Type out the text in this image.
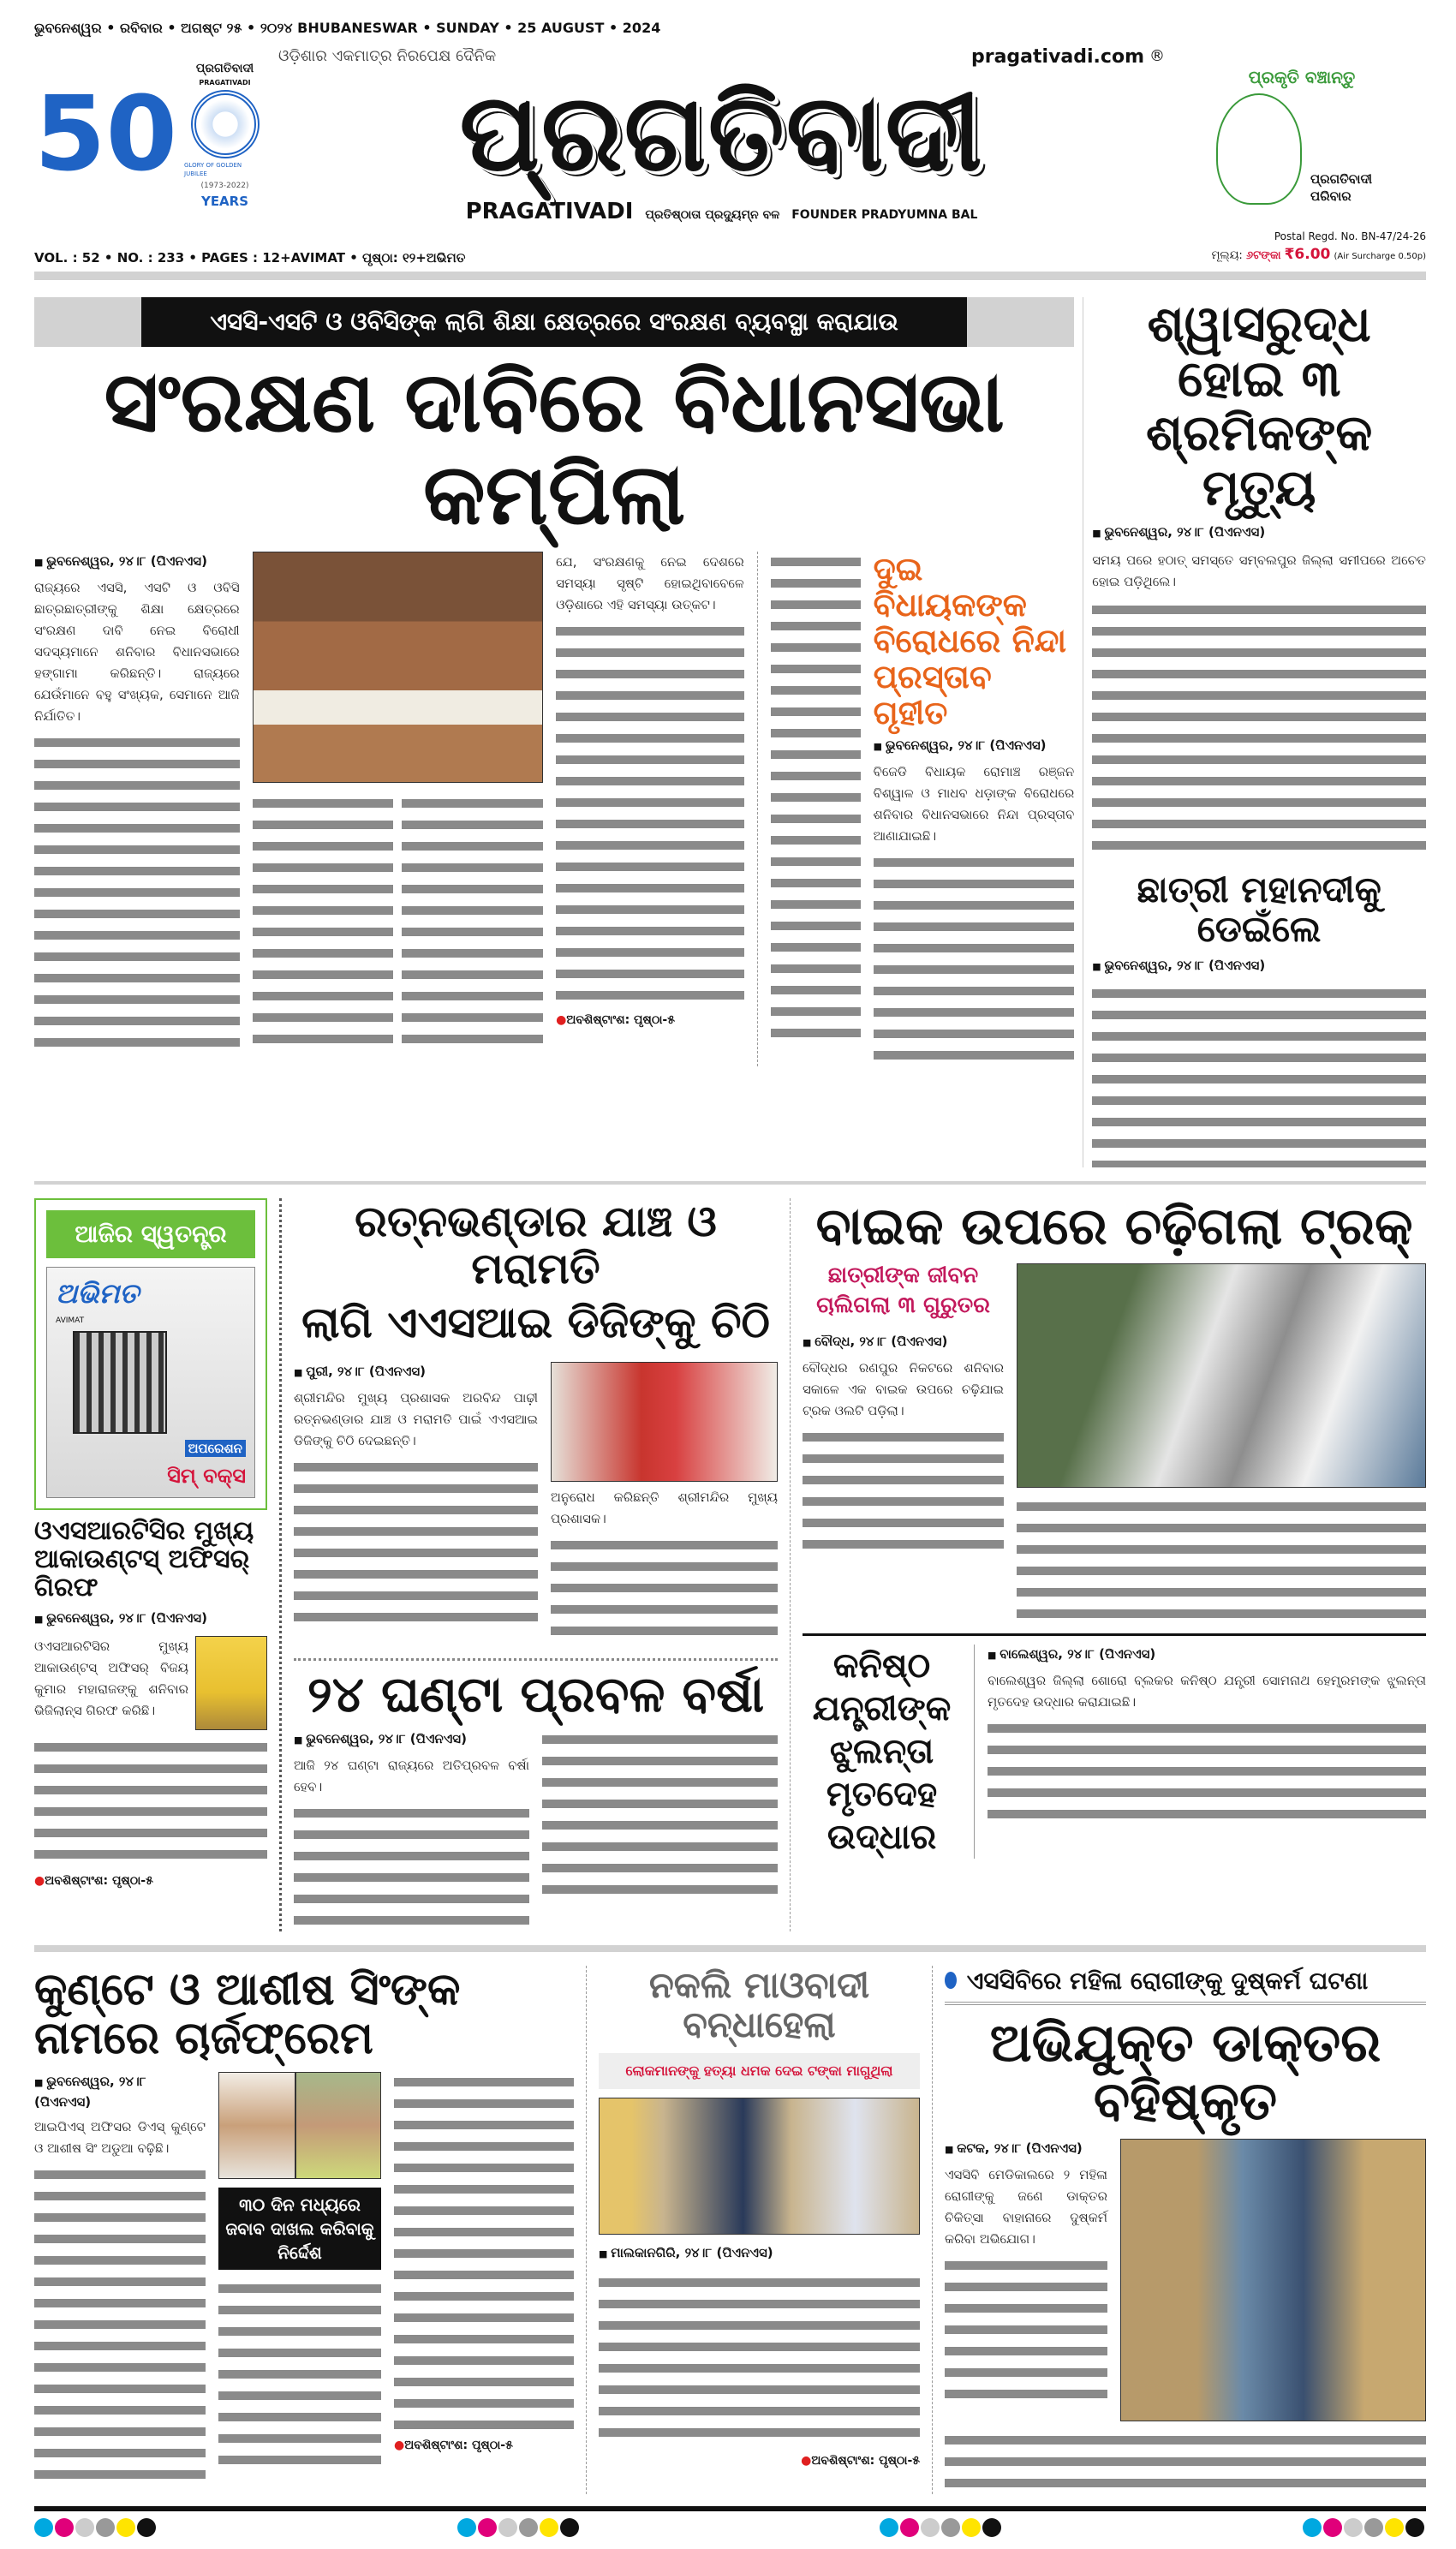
ଭୁବନେଶ୍ୱର • ରବିବାର • ଅଗଷ୍ଟ ୨୫ • ୨୦୨୪ BHUBANESWAR • SUNDAY • 25 AUGUST • 2024
50
ପ୍ରଗତିବାଦୀ
PRAGATIVADI
GLORY OF GOLDEN JUBILEE
(1973-2022)
YEARS
ଓଡ଼ିଶାର ଏକମାତ୍ର ନିରପେକ୍ଷ ଦୈନିକ	pragativadi.com ®
ପ୍ରଗତିବାଦୀ
PRAGATIVADI ପ୍ରତିଷ୍ଠାତା ପ୍ରଦ୍ୟୁମ୍ନ ବଳ FOUNDER PRADYUMNA BAL
ପ୍ରକୃତି ବଞ୍ଚାନ୍ତୁ
ପ୍ରଗତିବାଦୀ ପରିବାର
VOL. : 52 • NO. : 233 • PAGES : 12+AVIMAT • ପୃଷ୍ଠା: ୧୨+ଅଭିମତ
Postal Regd. No. BN-47/24-26
ମୂଲ୍ୟ: ୬ଟଙ୍କା ₹6.00 (Air Surcharge 0.50p)
ଏସସି-ଏସଟି ଓ ଓବିସିଙ୍କ ଲାଗି ଶିକ୍ଷା କ୍ଷେତ୍ରରେ ସଂରକ୍ଷଣ ବ୍ୟବସ୍ଥା କରାଯାଉ
ସଂରକ୍ଷଣ ଦାବିରେ ବିଧାନସଭା କମ୍ପିଲା
■ ଭୁବନେଶ୍ୱର, ୨୪।୮ (ପିଏନଏସ)
ରାଜ୍ୟରେ ଏସସି, ଏସଟି ଓ ଓବିସି ଛାତ୍ରଛାତ୍ରୀଙ୍କୁ ଶିକ୍ଷା କ୍ଷେତ୍ରରେ ସଂରକ୍ଷଣ ଦାବି ନେଇ ବିରୋଧୀ ସଦସ୍ୟମାନେ ଶନିବାର ବିଧାନସଭାରେ ହଙ୍ଗାମା କରିଛନ୍ତି। ରାଜ୍ୟରେ ଯେଉଁମାନେ ବହୁ ସଂଖ୍ୟକ, ସେମାନେ ଆଜି ନିର୍ଯାତିତ।
ଯେ, ସଂରକ୍ଷଣକୁ ନେଇ ଦେଶରେ ସମସ୍ୟା ସୃଷ୍ଟି ହୋଇଥିବାବେଳେ ଓଡ଼ିଶାରେ ଏହି ସମସ୍ୟା ଉତ୍କଟ।
● ଅବଶିଷ୍ଟାଂଶ: ପୃଷ୍ଠା-୫
ଦୁଇ ବିଧାୟକଙ୍କ ବିରୋଧରେ ନିନ୍ଦା ପ୍ରସ୍ତାବ ଗୃହୀତ
■ ଭୁବନେଶ୍ୱର, ୨୪।୮ (ପିଏନଏସ)
ବିଜେଡି ବିଧାୟକ ରୋମାଞ୍ଚ ରଞ୍ଜନ ବିଶ୍ୱାଳ ଓ ମାଧବ ଧଡ଼ାଙ୍କ ବିରୋଧରେ ଶନିବାର ବିଧାନସଭାରେ ନିନ୍ଦା ପ୍ରସ୍ତାବ ଆଣାଯାଇଛି।
ଶ୍ୱାସରୁଦ୍ଧ ହୋଇ ୩ ଶ୍ରମିକଙ୍କ ମୃତ୍ୟୁ
■ ଭୁବନେଶ୍ୱର, ୨୪।୮ (ପିଏନଏସ)
ସମୟ ପରେ ହଠାତ୍ ସମସ୍ତେ ସମ୍ବଲପୁର ଜିଲ୍ଲା ସମୀପରେ ଅଚେତ ହୋଇ ପଡ଼ିଥିଲେ।
ଛାତ୍ରୀ ମହାନଦୀକୁ ଡେଇଁଲେ
■ ଭୁବନେଶ୍ୱର, ୨୪।୮ (ପିଏନଏସ)
ଆଜିର ସ୍ୱତନ୍ତ୍ର
ଅଭିମତ
AVIMAT
ଅପରେଶନ
ସିମ୍ ବକ୍ସ
ଓଏସଆରଟିସିର ମୁଖ୍ୟ ଆକାଉଣ୍ଟସ୍ ଅଫିସର୍ ଗିରଫ
■ ଭୁବନେଶ୍ୱର, ୨୪।୮ (ପିଏନଏସ)
ଓଏସଆରଟିସିର ମୁଖ୍ୟ ଆକାଉଣ୍ଟସ୍ ଅଫିସର୍ ବିଜୟ କୁମାର ମହାରାଜଙ୍କୁ ଶନିବାର ଭିଜିଲାନ୍ସ ଗିରଫ କରିଛି।
● ଅବଶିଷ୍ଟାଂଶ: ପୃଷ୍ଠା-୫
ରତ୍ନଭଣ୍ଡାର ଯାଞ୍ଚ ଓ ମରାମତି
ଲାଗି ଏଏସଆଇ ଡିଜିଙ୍କୁ ଚିଠି
■ ପୁରୀ, ୨୪।୮ (ପିଏନଏସ)
ଶ୍ରୀମନ୍ଦିର ମୁଖ୍ୟ ପ୍ରଶାସକ ଅରବିନ୍ଦ ପାଢ଼ୀ ରତ୍ନଭଣ୍ଡାର ଯାଞ୍ଚ ଓ ମରାମତି ପାଇଁ ଏଏସଆଇ ଡିଜିଙ୍କୁ ଚିଠି ଦେଇଛନ୍ତି।
ଅନୁରୋଧ କରିଛନ୍ତି ଶ୍ରୀମନ୍ଦିର ମୁଖ୍ୟ ପ୍ରଶାସକ।
୨୪ ଘଣ୍ଟା ପ୍ରବଳ ବର୍ଷା
■ ଭୁବନେଶ୍ୱର, ୨୪।୮ (ପିଏନଏସ)
ଆଜି ୨୪ ଘଣ୍ଟା ରାଜ୍ୟରେ ଅତିପ୍ରବଳ ବର୍ଷା ହେବ।
ବାଇକ ଉପରେ ଚଢ଼ିଗଲା ଟ୍ରକ୍
ଛାତ୍ରୀଙ୍କ ଜୀବନ
ଚାଲିଗଲା ୩ ଗୁରୁତର
■ ବୌଦ୍ଧ, ୨୪।୮ (ପିଏନଏସ)
ବୌଦ୍ଧର ରଣପୁର ନିକଟରେ ଶନିବାର ସକାଳେ ଏକ ବାଇକ ଉପରେ ଚଢ଼ିଯାଇ ଟ୍ରକ ଓଲଟି ପଡ଼ିଲା।
କନିଷ୍ଠ ଯନ୍ତ୍ରୀଙ୍କ ଝୁଲନ୍ତା ମୃତଦେହ ଉଦ୍ଧାର
■ ବାଲେଶ୍ୱର, ୨୪।୮ (ପିଏନଏସ)
ବାଲେଶ୍ୱର ଜିଲ୍ଲା ଶୋରୋ ବ୍ଲକର କନିଷ୍ଠ ଯନ୍ତ୍ରୀ ସୋମନାଥ ହେମ୍ବ୍ରମଙ୍କ ଝୁଲନ୍ତା ମୃତଦେହ ଉଦ୍ଧାର କରାଯାଇଛି।
କୁଣ୍ଟେ ଓ ଆଶୀଷ ସିଂଙ୍କ ନାମରେ ଚାର୍ଜଫ୍ରେମ
■ ଭୁବନେଶ୍ୱର, ୨୪।୮ (ପିଏନଏସ)
ଆଇପିଏସ୍ ଅଫିସର ଡିଏସ୍ କୁଣ୍ଟେ ଓ ଆଶୀଷ ସିଂ ଅଡୁଆ ବଢ଼ିଛି।
୩୦ ଦିନ ମଧ୍ୟରେ ଜବାବ ଦାଖଲ କରିବାକୁ ନିର୍ଦ୍ଦେଶ
● ଅବଶିଷ୍ଟାଂଶ: ପୃଷ୍ଠା-୫
ନକଲି ମାଓବାଦୀ ବନ୍ଧାହେଲା
ଲୋକମାନଙ୍କୁ ହତ୍ୟା ଧମକ ଦେଇ ଟଙ୍କା ମାଗୁଥିଲା
■ ମାଲକାନଗିରି, ୨୪।୮ (ପିଏନଏସ)
● ଅବଶିଷ୍ଟାଂଶ: ପୃଷ୍ଠା-୫
ଏସସିବିରେ ମହିଳା ରୋଗୀଙ୍କୁ ଦୁଷ୍କର୍ମ ଘଟଣା
ଅଭିଯୁକ୍ତ ଡାକ୍ତର ବହିଷ୍କୃତ
■ କଟକ, ୨୪।୮ (ପିଏନଏସ)
ଏସସିବି ମେଡିକାଲରେ ୨ ମହିଳା ରୋଗୀଙ୍କୁ ଜଣେ ଡାକ୍ତର ଚିକିତ୍ସା ବାହାନାରେ ଦୁଷ୍କର୍ମ କରିବା ଅଭିଯୋଗ।
